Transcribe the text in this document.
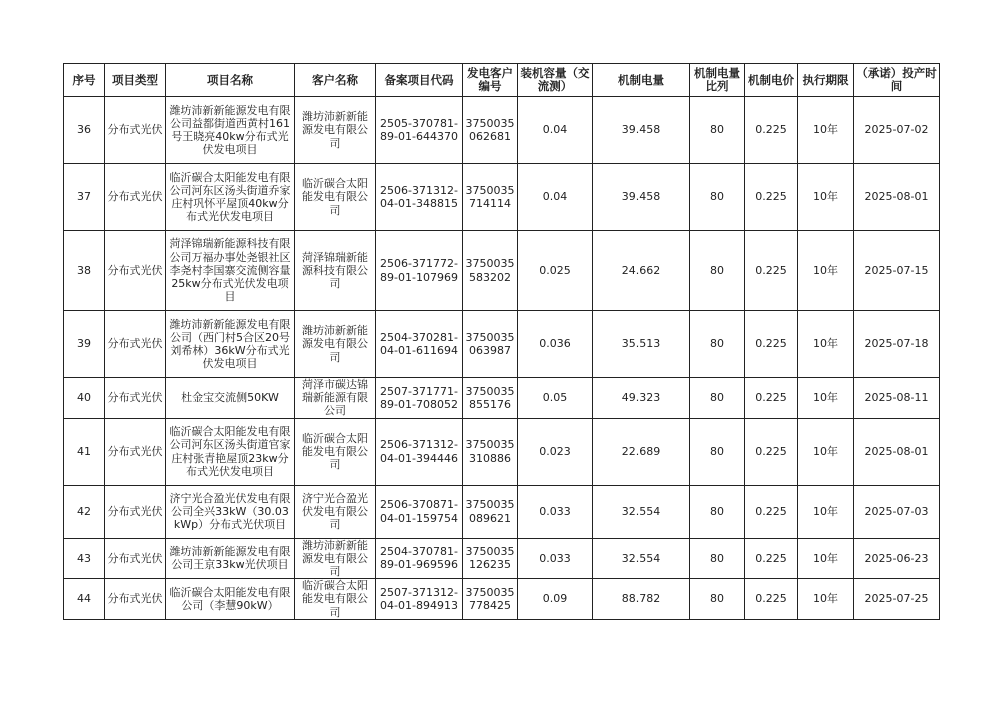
序号	项目类型	项目名称	客户名称	备案项目代码	发电客户编号	装机容量（交流测）	机制电量	机制电量比列	机制电价	执行期限	（承诺）投产时间
36	分布式光伏	潍坊沛新新能源发电有限公司益都街道西黄村161号王晓亮40kw分布式光伏发电项目	潍坊沛新新能源发电有限公司	2505-370781-89-01-644370	3750035062681	0.04	39.458	80	0.225	10年	2025-07-02
37	分布式光伏	临沂碳合太阳能发电有限公司河东区汤头街道乔家庄村巩怀平屋顶40kw分布式光伏发电项目	临沂碳合太阳能发电有限公司	2506-371312-04-01-348815	3750035714114	0.04	39.458	80	0.225	10年	2025-08-01
38	分布式光伏	菏泽锦瑞新能源科技有限公司万福办事处尧银社区李尧村李国寨交流侧容量25kw分布式光伏发电项目	菏泽锦瑞新能源科技有限公司	2506-371772-89-01-107969	3750035583202	0.025	24.662	80	0.225	10年	2025-07-15
39	分布式光伏	潍坊沛新新能源发电有限公司（西门村5合区20号刘希林）36kW分布式光伏发电项目	潍坊沛新新能源发电有限公司	2504-370281-04-01-611694	3750035063987	0.036	35.513	80	0.225	10年	2025-07-18
40	分布式光伏	杜金宝交流侧50KW	菏泽市碳达锦瑞新能源有限公司	2507-371771-89-01-708052	3750035855176	0.05	49.323	80	0.225	10年	2025-08-11
41	分布式光伏	临沂碳合太阳能发电有限公司河东区汤头街道官家庄村张青艳屋顶23kw分布式光伏发电项目	临沂碳合太阳能发电有限公司	2506-371312-04-01-394446	3750035310886	0.023	22.689	80	0.225	10年	2025-08-01
42	分布式光伏	济宁光合盈光伏发电有限公司全兴33kW（30.03kWp）分布式光伏项目	济宁光合盈光伏发电有限公司	2506-370871-04-01-159754	3750035089621	0.033	32.554	80	0.225	10年	2025-07-03
43	分布式光伏	潍坊沛新新能源发电有限公司王京33kw光伏项目	潍坊沛新新能源发电有限公司	2504-370781-89-01-969596	3750035126235	0.033	32.554	80	0.225	10年	2025-06-23
44	分布式光伏	临沂碳合太阳能发电有限公司（李慧90kW）	临沂碳合太阳能发电有限公司	2507-371312-04-01-894913	3750035778425	0.09	88.782	80	0.225	10年	2025-07-25
